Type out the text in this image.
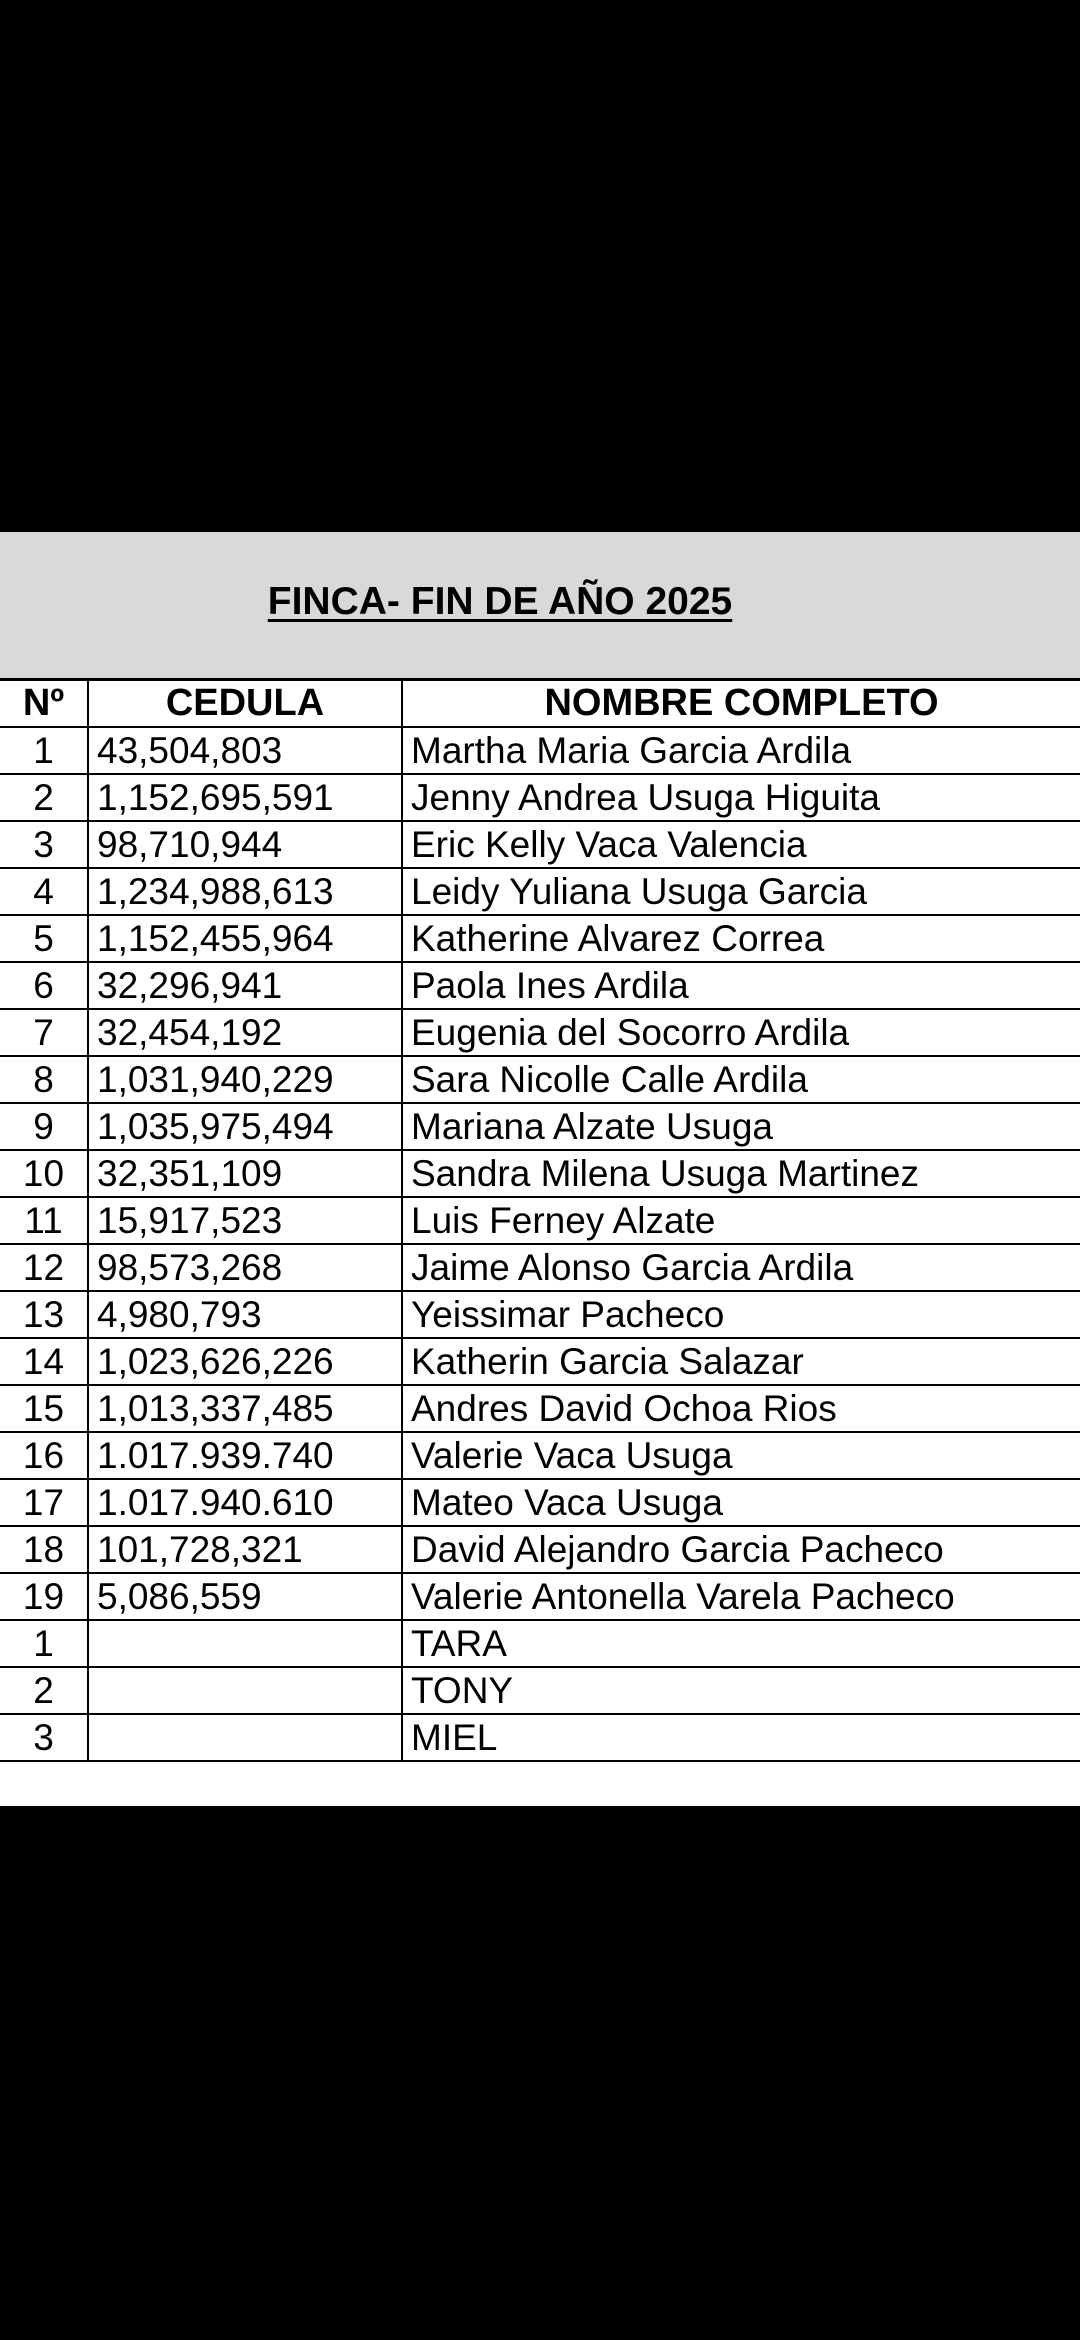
FINCA- FIN DE AÑO 2025
Nº	CEDULA	NOMBRE COMPLETO
1	43,504,803	Martha Maria Garcia Ardila
2	1,152,695,591	Jenny Andrea Usuga Higuita
3	98,710,944	Eric Kelly Vaca Valencia
4	1,234,988,613	Leidy Yuliana Usuga Garcia
5	1,152,455,964	Katherine Alvarez Correa
6	32,296,941	Paola Ines Ardila
7	32,454,192	Eugenia del Socorro Ardila
8	1,031,940,229	Sara Nicolle Calle Ardila
9	1,035,975,494	Mariana Alzate Usuga
10	32,351,109	Sandra Milena Usuga Martinez
11	15,917,523	Luis Ferney Alzate
12	98,573,268	Jaime Alonso Garcia Ardila
13	4,980,793	Yeissimar Pacheco
14	1,023,626,226	Katherin Garcia Salazar
15	1,013,337,485	Andres David Ochoa Rios
16	1.017.939.740	Valerie Vaca Usuga
17	1.017.940.610	Mateo Vaca Usuga
18	101,728,321	David Alejandro Garcia Pacheco
19	5,086,559	Valerie Antonella Varela Pacheco
1		TARA
2		TONY
3		MIEL
